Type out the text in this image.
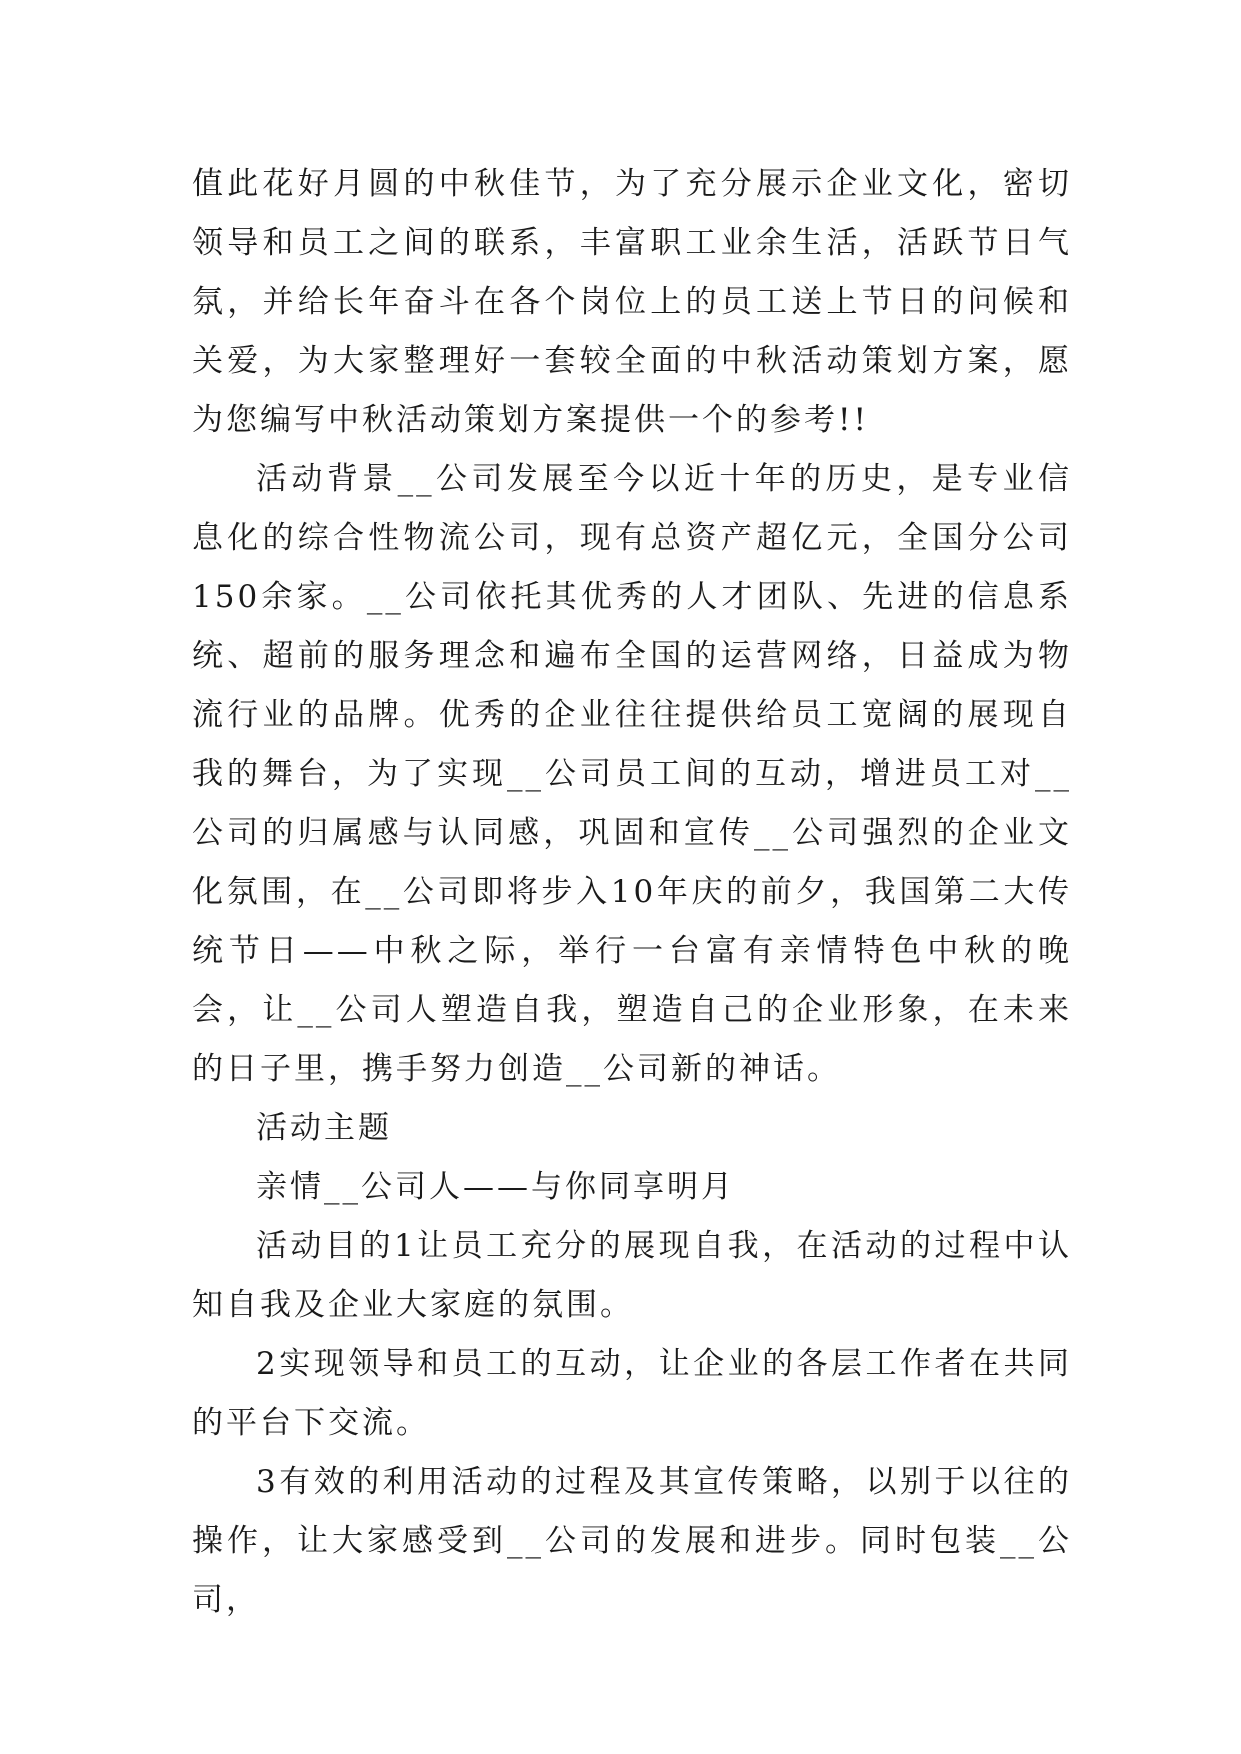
值此花好月圆的中秋佳节，为了充分展示企业文化，密切领导和员工之间的联系，丰富职工业余生活，活跃节日气氛，并给长年奋斗在各个岗位上的员工送上节日的问候和关爱，为大家整理好一套较全面的中秋活动策划方案，愿为您编写中秋活动策划方案提供一个的参考!!

活动背景__公司发展至今以近十年的历史，是专业信息化的综合性物流公司，现有总资产超亿元，全国分公司150余家。__公司依托其优秀的人才团队、先进的信息系统、超前的服务理念和遍布全国的运营网络，日益成为物流行业的品牌。优秀的企业往往提供给员工宽阔的展现自我的舞台，为了实现__公司员工间的互动，增进员工对__公司的归属感与认同感，巩固和宣传__公司强烈的企业文化氛围，在__公司即将步入10年庆的前夕，我国第二大传统节日——中秋之际，举行一台富有亲情特色中秋的晚会，让__公司人塑造自我，塑造自己的企业形象，在未来的日子里，携手努力创造__公司新的神话。

活动主题

亲情__公司人——与你同享明月

活动目的1让员工充分的展现自我，在活动的过程中认知自我及企业大家庭的氛围。

2实现领导和员工的互动，让企业的各层工作者在共同的平台下交流。

3有效的利用活动的过程及其宣传策略，以别于以往的操作，让大家感受到__公司的发展和进步。同时包装__公司，
